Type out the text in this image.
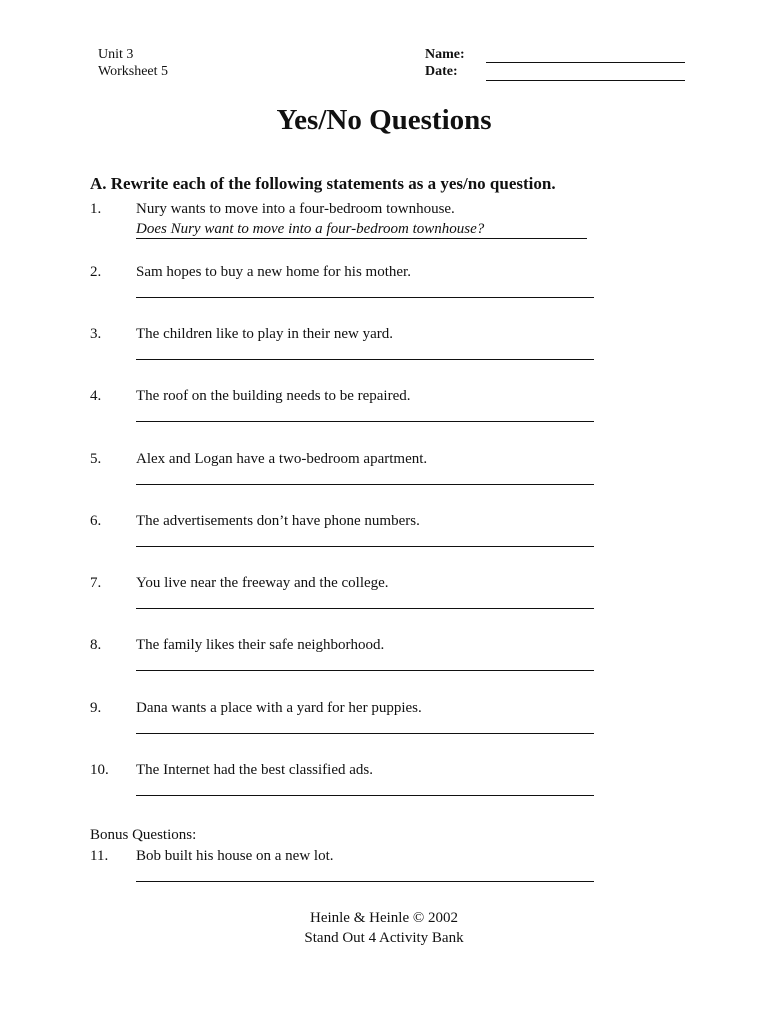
Unit 3
Worksheet 5
Name:
Date:
Yes/No Questions
A. Rewrite each of the following statements as a yes/no question.
1. Nury wants to move into a four-bedroom townhouse.
Does Nury want to move into a four-bedroom townhouse?
2. Sam hopes to buy a new home for his mother.
3. The children like to play in their new yard.
4. The roof on the building needs to be repaired.
5. Alex and Logan have a two-bedroom apartment.
6. The advertisements don’t have phone numbers.
7. You live near the freeway and the college.
8. The family likes their safe neighborhood.
9. Dana wants a place with a yard for her puppies.
10. The Internet had the best classified ads.
Bonus Questions:
11. Bob built his house on a new lot.
Heinle & Heinle © 2002
Stand Out 4 Activity Bank
